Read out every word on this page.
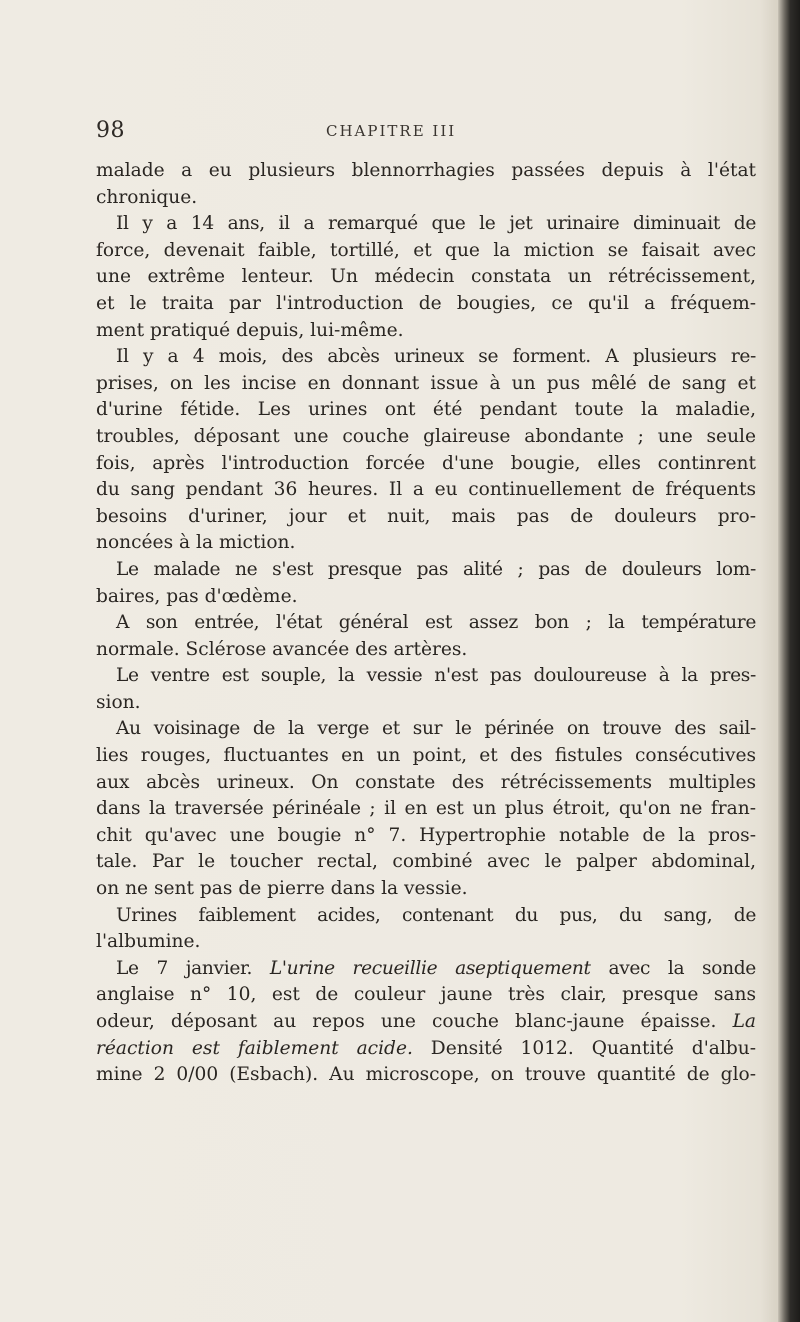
98	CHAPITRE III
malade a eu plusieurs blennorrhagies passées depuis à l'état
chronique.
Il y a 14 ans, il a remarqué que le jet urinaire diminuait de
force, devenait faible, tortillé, et que la miction se faisait avec
une extrême lenteur. Un médecin constata un rétrécissement,
et le traita par l'introduction de bougies, ce qu'il a fréquem-
ment pratiqué depuis, lui-même.
Il y a 4 mois, des abcès urineux se forment. A plusieurs re-
prises, on les incise en donnant issue à un pus mêlé de sang et
d'urine fétide. Les urines ont été pendant toute la maladie,
troubles, déposant une couche glaireuse abondante ; une seule
fois, après l'introduction forcée d'une bougie, elles continrent
du sang pendant 36 heures. Il a eu continuellement de fréquents
besoins d'uriner, jour et nuit, mais pas de douleurs pro-
noncées à la miction.
Le malade ne s'est presque pas alité ; pas de douleurs lom-
baires, pas d'œdème.
A son entrée, l'état général est assez bon ; la température
normale. Sclérose avancée des artères.
Le ventre est souple, la vessie n'est pas douloureuse à la pres-
sion.
Au voisinage de la verge et sur le périnée on trouve des sail-
lies rouges, fluctuantes en un point, et des fistules consécutives
aux abcès urineux. On constate des rétrécissements multiples
dans la traversée périnéale ; il en est un plus étroit, qu'on ne fran-
chit qu'avec une bougie n° 7. Hypertrophie notable de la pros-
tale. Par le toucher rectal, combiné avec le palper abdominal,
on ne sent pas de pierre dans la vessie.
Urines faiblement acides, contenant du pus, du sang, de
l'albumine.
Le 7 janvier. L'urine recueillie aseptiquement avec la sonde
anglaise n° 10, est de couleur jaune très clair, presque sans
odeur, déposant au repos une couche blanc-jaune épaisse. La
réaction est faiblement acide. Densité 1012. Quantité d'albu-
mine 2 0/00 (Esbach). Au microscope, on trouve quantité de glo-
